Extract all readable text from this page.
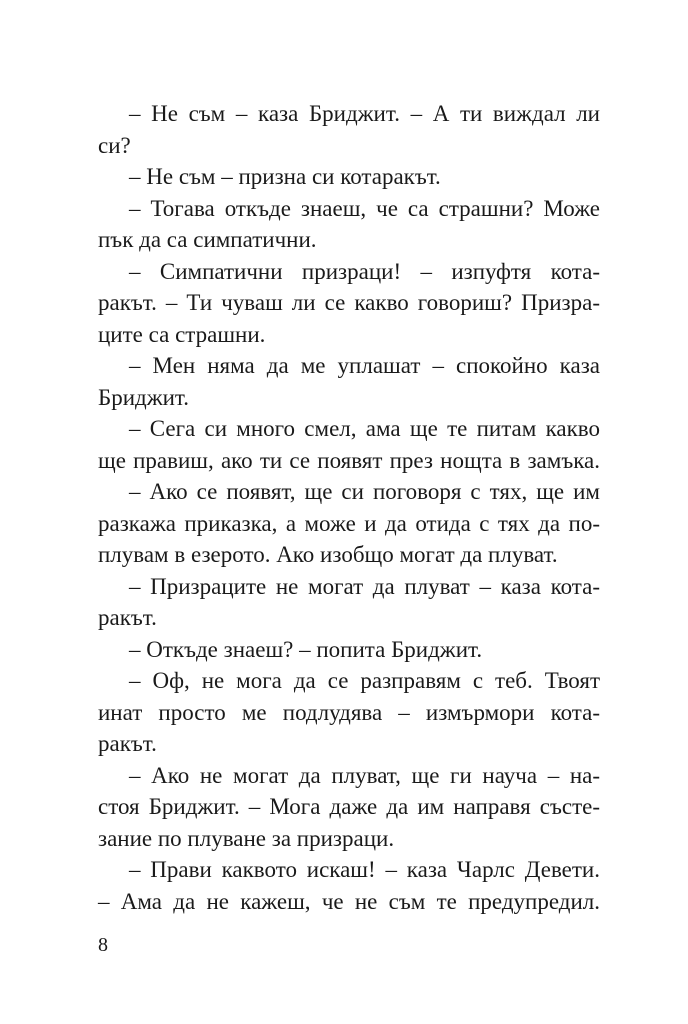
– Не съм – каза Бриджит. – А ти виждал ли
си?
– Не съм – призна си котаракът.
– Тогава откъде знаеш, че са страшни? Може
пък да са симпатични.
– Симпатични призраци! – изпуфтя кота-
ракът. – Ти чуваш ли се какво говориш? Призра-
ците са страшни.
– Мен няма да ме уплашат – спокойно каза
Бриджит.
– Сега си много смел, ама ще те питам какво
ще правиш, ако ти се появят през нощта в замъка.
– Ако се появят, ще си поговоря с тях, ще им
разкажа приказка, а може и да отида с тях да по-
плувам в езерото. Ако изобщо могат да плуват.
– Призраците не могат да плуват – каза кота-
ракът.
– Откъде знаеш? – попита Бриджит.
– Оф, не мога да се разправям с теб. Твоят
инат просто ме подлудява – измърмори кота-
ракът.
– Ако не могат да плуват, ще ги науча – на-
стоя Бриджит. – Мога даже да им направя състе-
зание по плуване за призраци.
– Прави каквото искаш! – каза Чарлс Девети.
– Ама да не кажеш, че не съм те предупредил.
8
